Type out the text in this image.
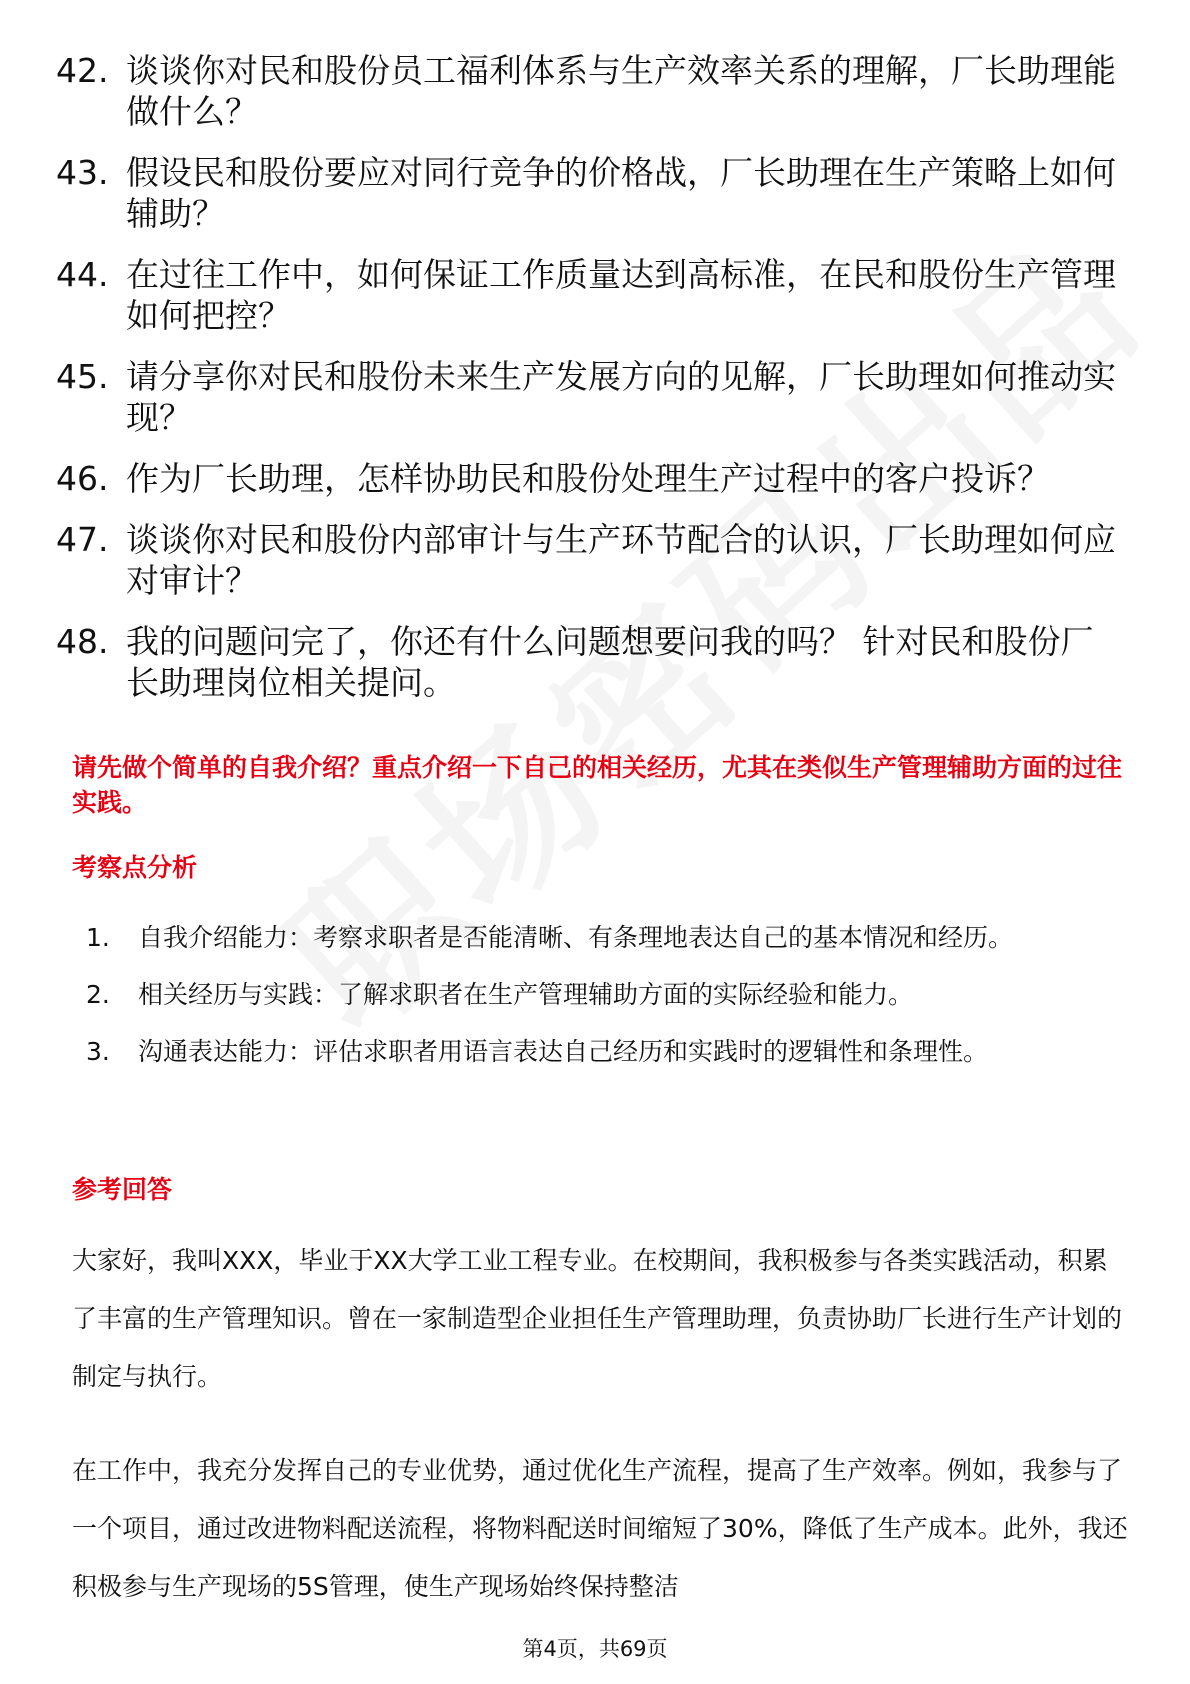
42. 谈谈你对民和股份员工福利体系与生产效率关系的理解，厂长助理能做什么？
43. 假设民和股份要应对同行竞争的价格战，厂长助理在生产策略上如何辅助？
44. 在过往工作中，如何保证工作质量达到高标准，在民和股份生产管理如何把控？
45. 请分享你对民和股份未来生产发展方向的见解，厂长助理如何推动实现？
46. 作为厂长助理，怎样协助民和股份处理生产过程中的客户投诉？
47. 谈谈你对民和股份内部审计与生产环节配合的认识，厂长助理如何应对审计？
48. 我的问题问完了，你还有什么问题想要问我的吗？ 针对民和股份厂长助理岗位相关提问。
请先做个简单的自我介绍？重点介绍一下自己的相关经历，尤其在类似生产管理辅助方面的过往实践。
考察点分析
1.	自我介绍能力：考察求职者是否能清晰、有条理地表达自己的基本情况和经历。
2.	相关经历与实践：了解求职者在生产管理辅助方面的实际经验和能力。
3.	沟通表达能力：评估求职者用语言表达自己经历和实践时的逻辑性和条理性。
参考回答
大家好，我叫XXX，毕业于XX大学工业工程专业。在校期间，我积极参与各类实践活动，积累了丰富的生产管理知识。曾在一家制造型企业担任生产管理助理，负责协助厂长进行生产计划的制定与执行。
在工作中，我充分发挥自己的专业优势，通过优化生产流程，提高了生产效率。例如，我参与了一个项目，通过改进物料配送流程，将物料配送时间缩短了30%，降低了生产成本。此外，我还积极参与生产现场的5S管理，使生产现场始终保持整洁
第4页，共69页
